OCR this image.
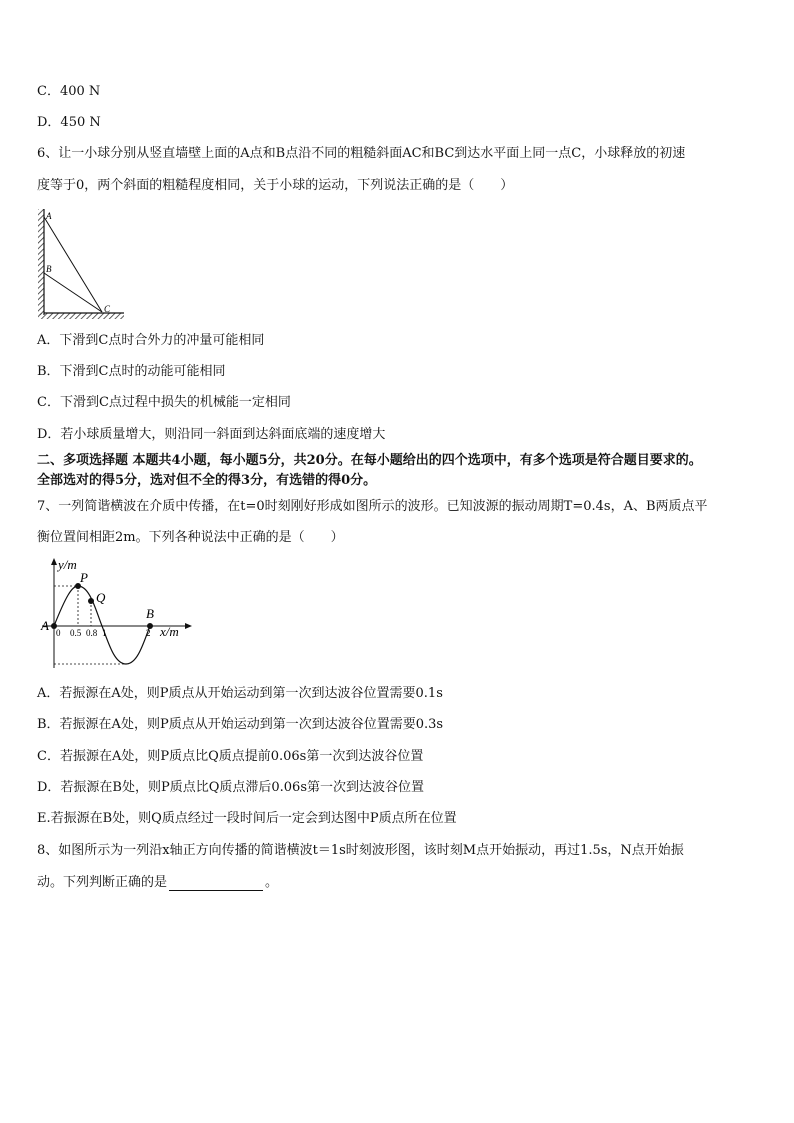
C．400 N
D．450 N
6、让一小球分别从竖直墙壁上面的A点和B点沿不同的粗糙斜面AC和BC到达水平面上同一点C，小球释放的初速
度等于0，两个斜面的粗糙程度相同，关于小球的运动，下列说法正确的是（　　）
A
B
C
A．下滑到C点时合外力的冲量可能相同
B．下滑到C点时的动能可能相同
C．下滑到C点过程中损失的机械能一定相同
D．若小球质量增大，则沿同一斜面到达斜面底端的速度增大
二、多项选择题 本题共4小题，每小题5分，共20分。在每小题给出的四个选项中，有多个选项是符合题目要求的。
全部选对的得5分，选对但不全的得3分，有选错的得0分。
7、一列简谐横波在介质中传播，在t=0时刻刚好形成如图所示的波形。已知波源的振动周期T=0.4s，A、B两质点平
衡位置间相距2m。下列各种说法中正确的是（　　）
y/m
x/m
P
Q
A
B
0 0.5 0.8 1	2
A．若振源在A处，则P质点从开始运动到第一次到达波谷位置需要0.1s
B．若振源在A处，则P质点从开始运动到第一次到达波谷位置需要0.3s
C．若振源在A处，则P质点比Q质点提前0.06s第一次到达波谷位置
D．若振源在B处，则P质点比Q质点滞后0.06s第一次到达波谷位置
E.若振源在B处，则Q质点经过一段时间后一定会到达图中P质点所在位置
8、如图所示为一列沿x轴正方向传播的简谐横波t＝1s时刻波形图，该时刻M点开始振动，再过1.5s，N点开始振
动。下列判断正确的是	。
